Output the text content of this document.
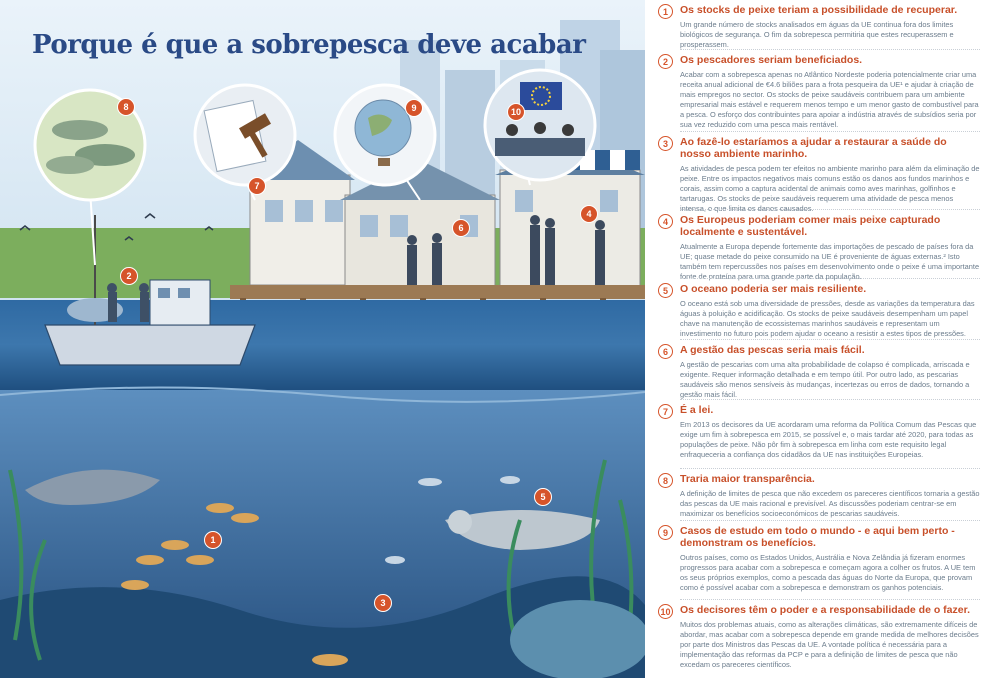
Porque é que a sobrepesca deve acabar
8
7
9	10
2
6
4
5
1
3
1	Os stocks de peixe teriam a possibilidade de recuperar.

Um grande número de stocks analisados em águas da UE continua fora dos limites biológicos de segurança. O fim da sobrepesca permitiria que estes recuperassem e prosperassem.

2	Os pescadores seriam beneficiados.

Acabar com a sobrepesca apenas no Atlântico Nordeste poderia potencialmente criar uma receita anual adicional de €4.6 biliões para a frota pesqueira da UE¹ e ajudar à criação de mais empregos no sector. Os stocks de peixe saudáveis contribuem para um ambiente empresarial mais estável e requerem menos tempo e um menor gasto de combustível para a pesca. O esforço dos contribuintes para apoiar a indústria através de subsídios seria por sua vez reduzido com uma pesca mais rentável.

3	Ao fazê-lo estaríamos a ajudar a restaurar a saúde do nosso ambiente marinho.

As atividades de pesca podem ter efeitos no ambiente marinho para além da eliminação de peixe. Entre os impactos negativos mais comuns estão os danos aos fundos marinhos e corais, assim como a captura acidental de animais como aves marinhas, golfinhos e tartarugas. Os stocks de peixe saudáveis requerem uma atividade de pesca menos intensa, o que limita os danos causados.

4	Os Europeus poderiam comer mais peixe capturado localmente e sustentável.

Atualmente a Europa depende fortemente das importações de pescado de países fora da UE; quase metade do peixe consumido na UE é proveniente de águas externas.² Isto também tem repercussões nos países em desenvolvimento onde o peixe é uma importante fonte de proteína para uma grande parte da população.

5	O oceano poderia ser mais resiliente.

O oceano está sob uma diversidade de pressões, desde as variações da temperatura das águas à poluição e acidificação. Os stocks de peixe saudáveis desempenham um papel chave na manutenção de ecossistemas marinhos saudáveis e representam um investimento no futuro pois podem ajudar o oceano a resistir a estes tipos de pressões.

6	A gestão das pescas seria mais fácil.

A gestão de pescarias com uma alta probabilidade de colapso é complicada, arriscada e exigente. Requer informação detalhada e em tempo útil. Por outro lado, as pescarias saudáveis são menos sensíveis às mudanças, incertezas ou erros de dados, tornando a gestão mais fácil.

7	É a lei.

Em 2013 os decisores da UE acordaram uma reforma da Política Comum das Pescas que exige um fim à sobrepesca em 2015, se possível e, o mais tardar até 2020, para todas as populações de peixe. Não pôr fim à sobrepesca em linha com este requisito legal enfraqueceria a confiança dos cidadãos da UE nas instituições Europeias.

8	Traria maior transparência.

A definição de limites de pesca que não excedem os pareceres científicos tornaria a gestão das pescas da UE mais racional e previsível. As discussões poderiam centrar-se em maximizar os benefícios socioeconómicos de pescarias saudáveis.

9	Casos de estudo em todo o mundo - e aqui bem perto - demonstram os benefícios.

Outros países, como os Estados Unidos, Austrália e Nova Zelândia já fizeram enormes progressos para acabar com a sobrepesca e começam agora a colher os frutos. A UE tem os seus próprios exemplos, como a pescada das águas do Norte da Europa, que provam como é possível acabar com a sobrepesca e demonstram os ganhos potenciais.

10 Os decisores têm o poder e a responsabilidade de o fazer.

Muitos dos problemas atuais, como as alterações climáticas, são extremamente difíceis de abordar, mas acabar com a sobrepesca depende em grande medida de melhores decisões por parte dos Ministros das Pescas da UE. A vontade política é necessária para a implementação das reformas da PCP e para a definição de limites de pesca que não excedam os pareceres científicos.
